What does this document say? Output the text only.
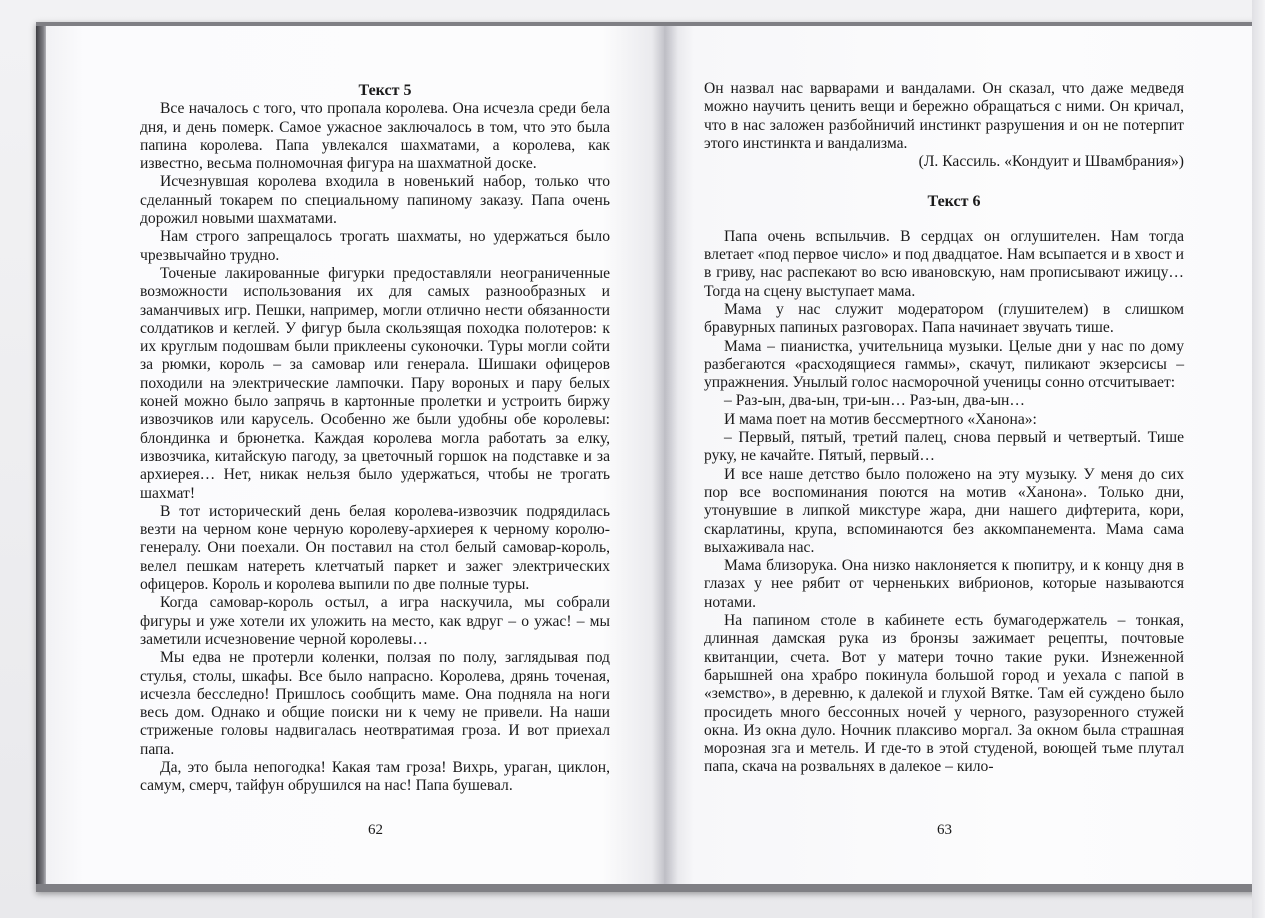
Текст 5

Все началось с того, что пропала королева. Она исчезла среди бела дня, и день померк. Самое ужасное заключалось в том, что это была папина королева. Папа увлекался шахматами, а королева, как известно, весьма полномочная фигура на шахматной доске.

Исчезнувшая королева входила в новенький набор, только что сделанный токарем по специальному папиному заказу. Папа очень дорожил новыми шахматами.

Нам строго запрещалось трогать шахматы, но удержаться было чрезвычайно трудно.

Точеные лакированные фигурки предоставляли неограниченные возможности использования их для самых разнообразных и заманчивых игр. Пешки, например, могли отлично нести обязанности солдатиков и кеглей. У фигур была скользящая походка полотеров: к их круглым подошвам были приклеены суконочки. Туры могли сойти за рюмки, король – за самовар или генерала. Шишаки офицеров походили на электрические лампочки. Пару вороных и пару белых коней можно было запрячь в картонные пролетки и устроить биржу извозчиков или карусель. Особенно же были удобны обе королевы: блондинка и брюнетка. Каждая королева могла работать за елку, извозчика, китайскую пагоду, за цветочный горшок на подставке и за архиерея… Нет, никак нельзя было удержаться, чтобы не трогать шахмат!

В тот исторический день белая королева-извозчик подрядилась везти на черном коне черную королеву-архиерея к черному королю-генералу. Они поехали. Он поставил на стол белый самовар-король, велел пешкам натереть клетчатый паркет и зажег электрических офицеров. Король и королева выпили по две полные туры.

Когда самовар-король остыл, а игра наскучила, мы собрали фигуры и уже хотели их уложить на место, как вдруг – о ужас! – мы заметили исчезновение черной королевы…

Мы едва не протерли коленки, ползая по полу, заглядывая под стулья, столы, шкафы. Все было напрасно. Королева, дрянь точеная, исчезла бесследно! Пришлось сообщить маме. Она подняла на ноги весь дом. Однако и общие поиски ни к чему не привели. На наши стриженые головы надвигалась неотвратимая гроза. И вот приехал папа.

Да, это была непогодка! Какая там гроза! Вихрь, ураган, циклон, самум, смерч, тайфун обрушился на нас! Папа бушевал.

62

Он назвал нас варварами и вандалами. Он сказал, что даже медведя можно научить ценить вещи и бережно обращаться с ними. Он кричал, что в нас заложен разбойничий инстинкт разрушения и он не потерпит этого инстинкта и вандализма.

(Л. Кассиль. «Кондуит и Швамбрания»)

Текст 6

Папа очень вспыльчив. В сердцах он оглушителен. Нам тогда влетает «под первое число» и под двадцатое. Нам всыпается и в хвост и в гриву, нас распекают во всю ивановскую, нам прописывают ижицу… Тогда на сцену выступает мама.

Мама у нас служит модератором (глушителем) в слишком бравурных папиных разговорах. Папа начинает звучать тише.

Мама – пианистка, учительница музыки. Целые дни у нас по дому разбегаются «расходящиеся гаммы», скачут, пиликают экзерсисы – упражнения. Унылый голос насморочной ученицы сонно отсчитывает:

– Раз-ын, два-ын, три-ын… Раз-ын, два-ын…

И мама поет на мотив бессмертного «Ханона»:

– Первый, пятый, третий палец, снова первый и четвертый. Тише руку, не качайте. Пятый, первый…

И все наше детство было положено на эту музыку. У меня до сих пор все воспоминания поются на мотив «Ханона». Только дни, утонувшие в липкой микстуре жара, дни нашего дифтерита, кори, скарлатины, крупа, вспоминаются без аккомпанемента. Мама сама выхаживала нас.

Мама близорука. Она низко наклоняется к пюпитру, и к концу дня в глазах у нее рябит от черненьких вибрионов, которые называются нотами.

На папином столе в кабинете есть бумагодержатель – тонкая, длинная дамская рука из бронзы зажимает рецепты, почтовые квитанции, счета. Вот у матери точно такие руки. Изнеженной барышней она храбро покинула большой город и уехала с папой в «земство», в деревню, к далекой и глухой Вятке. Там ей суждено было просидеть много бессонных ночей у черного, разузоренного стужей окна. Из окна дуло. Ночник плаксиво моргал. За окном была страшная морозная зга и метель. И где-то в этой студеной, воющей тьме плутал папа, скача на розвальнях в далекое – кило-

63
